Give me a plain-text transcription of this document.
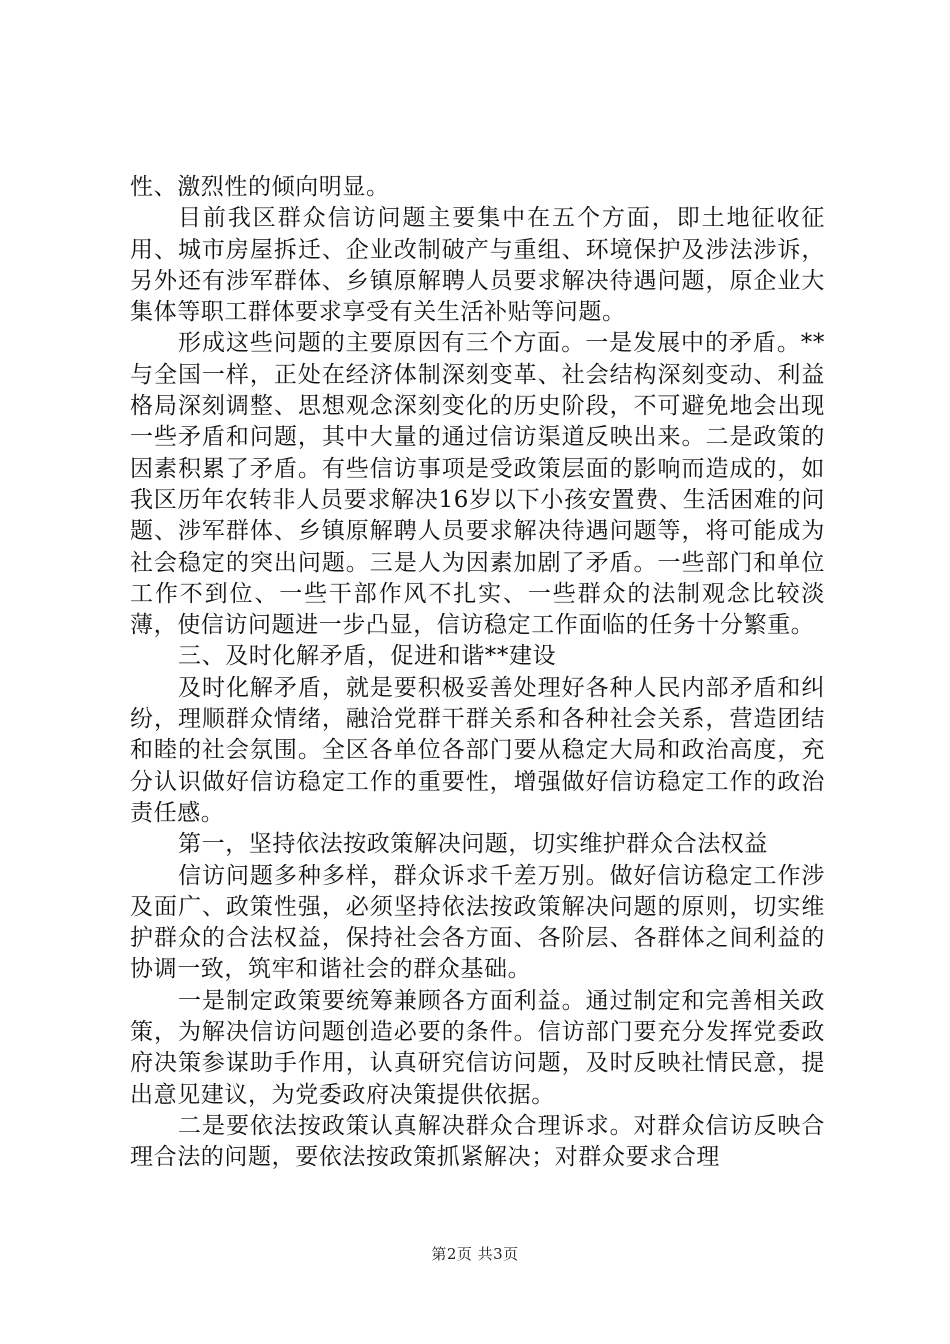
性、激烈性的倾向明显。

目前我区群众信访问题主要集中在五个方面，即土地征收征用、城市房屋拆迁、企业改制破产与重组、环境保护及涉法涉诉，另外还有涉军群体、乡镇原解聘人员要求解决待遇问题，原企业大集体等职工群体要求享受有关生活补贴等问题。

形成这些问题的主要原因有三个方面。一是发展中的矛盾。**与全国一样，正处在经济体制深刻变革、社会结构深刻变动、利益格局深刻调整、思想观念深刻变化的历史阶段，不可避免地会出现一些矛盾和问题，其中大量的通过信访渠道反映出来。二是政策的因素积累了矛盾。有些信访事项是受政策层面的影响而造成的，如我区历年农转非人员要求解决16岁以下小孩安置费、生活困难的问题、涉军群体、乡镇原解聘人员要求解决待遇问题等，将可能成为社会稳定的突出问题。三是人为因素加剧了矛盾。一些部门和单位工作不到位、一些干部作风不扎实、一些群众的法制观念比较淡薄，使信访问题进一步凸显，信访稳定工作面临的任务十分繁重。

三、及时化解矛盾，促进和谐**建设

及时化解矛盾，就是要积极妥善处理好各种人民内部矛盾和纠纷，理顺群众情绪，融洽党群干群关系和各种社会关系，营造团结和睦的社会氛围。全区各单位各部门要从稳定大局和政治高度，充分认识做好信访稳定工作的重要性，增强做好信访稳定工作的政治责任感。

第一，坚持依法按政策解决问题，切实维护群众合法权益

信访问题多种多样，群众诉求千差万别。做好信访稳定工作涉及面广、政策性强，必须坚持依法按政策解决问题的原则，切实维护群众的合法权益，保持社会各方面、各阶层、各群体之间利益的协调一致，筑牢和谐社会的群众基础。

一是制定政策要统筹兼顾各方面利益。通过制定和完善相关政策，为解决信访问题创造必要的条件。信访部门要充分发挥党委政府决策参谋助手作用，认真研究信访问题，及时反映社情民意，提出意见建议，为党委政府决策提供依据。

二是要依法按政策认真解决群众合理诉求。对群众信访反映合理合法的问题，要依法按政策抓紧解决；对群众要求合理

第2页 共3页
